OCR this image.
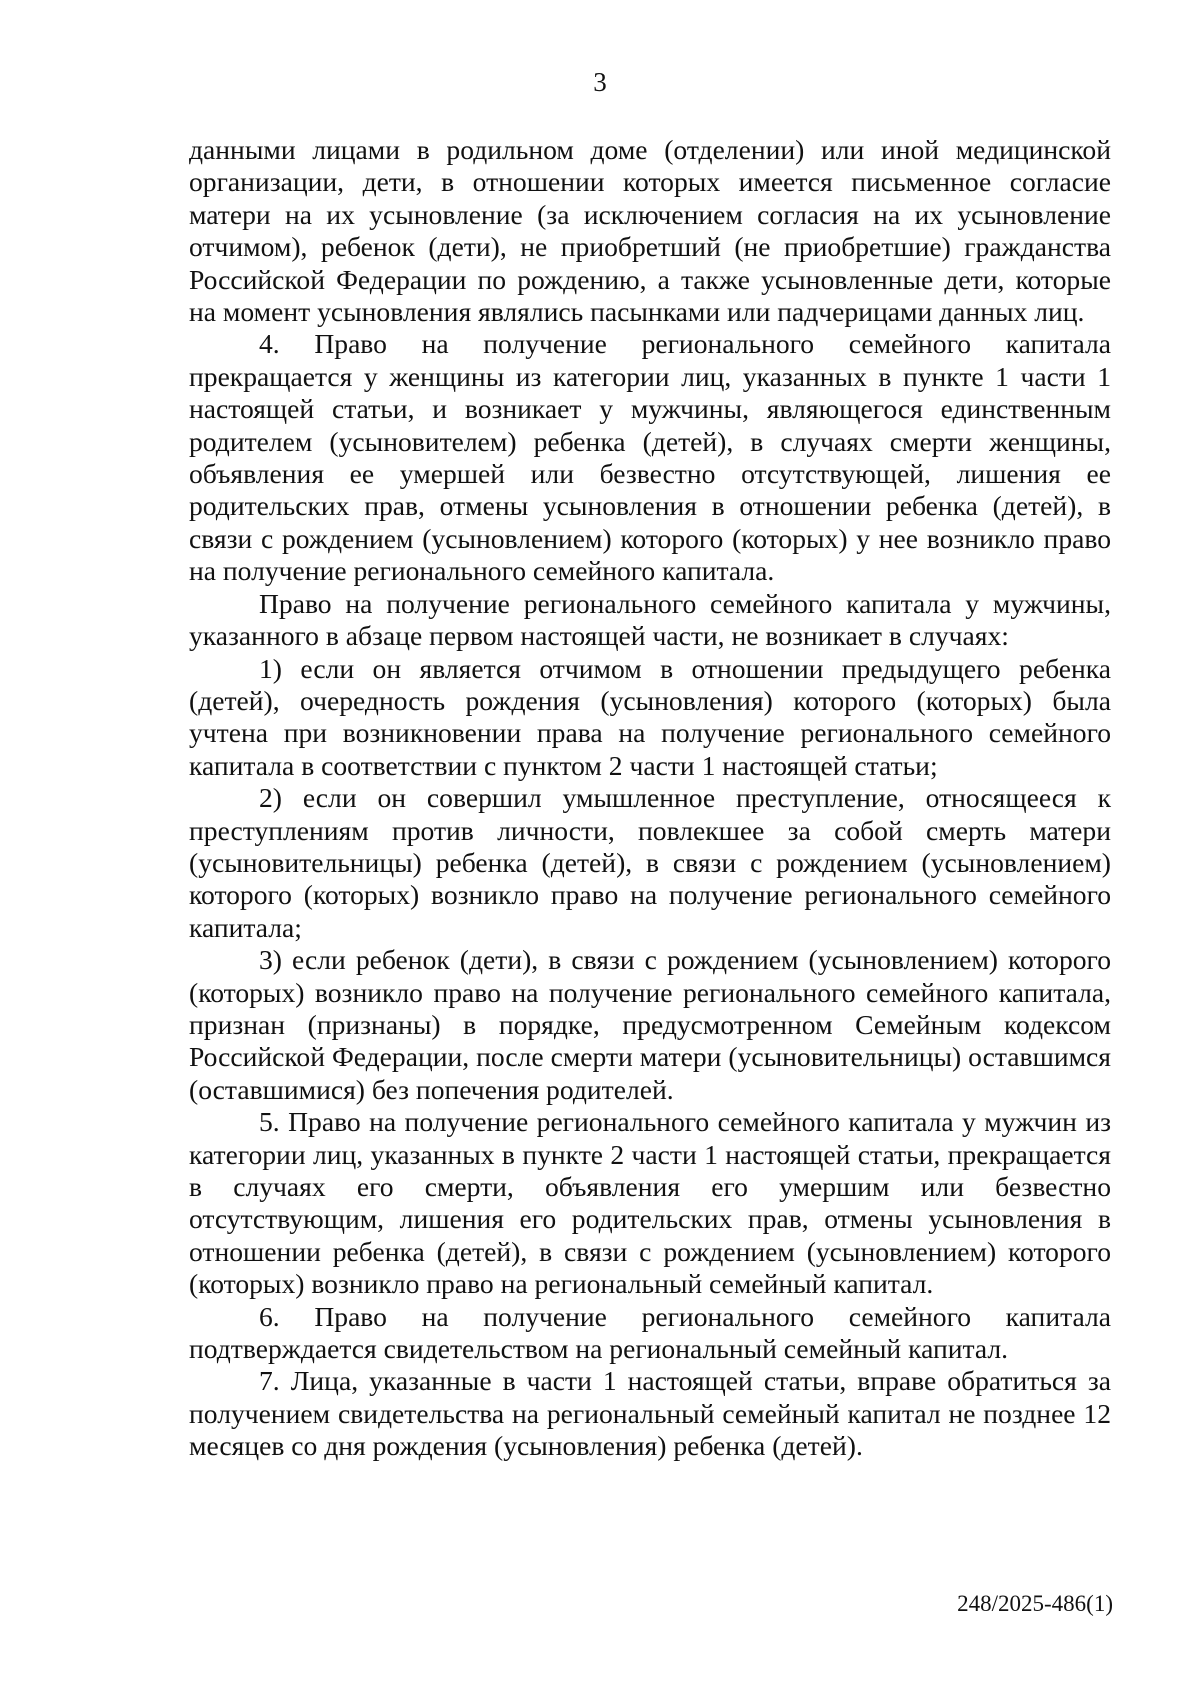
3

данными лицами в родильном доме (отделении) или иной медицинской организации, дети, в отношении которых имеется письменное согласие матери на их усыновление (за исключением согласия на их усыновление отчимом), ребенок (дети), не приобретший (не приобретшие) гражданства Российской Федерации по рождению, а также усыновленные дети, которые на момент усыновления являлись пасынками или падчерицами данных лиц.

4. Право на получение регионального семейного капитала прекращается у женщины из категории лиц, указанных в пункте 1 части 1 настоящей статьи, и возникает у мужчины, являющегося единственным родителем (усыновителем) ребенка (детей), в случаях смерти женщины, объявления ее умершей или безвестно отсутствующей, лишения ее родительских прав, отмены усыновления в отношении ребенка (детей), в связи с рождением (усыновлением) которого (которых) у нее возникло право на получение регионального семейного капитала.

Право на получение регионального семейного капитала у мужчины, указанного в абзаце первом настоящей части, не возникает в случаях:

1) если он является отчимом в отношении предыдущего ребенка (детей), очередность рождения (усыновления) которого (которых) была учтена при возникновении права на получение регионального семейного капитала в соответствии с пунктом 2 части 1 настоящей статьи;

2) если он совершил умышленное преступление, относящееся к преступлениям против личности, повлекшее за собой смерть матери (усыновительницы) ребенка (детей), в связи с рождением (усыновлением) которого (которых) возникло право на получение регионального семейного капитала;

3) если ребенок (дети), в связи с рождением (усыновлением) которого (которых) возникло право на получение регионального семейного капитала, признан (признаны) в порядке, предусмотренном Семейным кодексом Российской Федерации, после смерти матери (усыновительницы) оставшимся (оставшимися) без попечения родителей.

5. Право на получение регионального семейного капитала у мужчин из категории лиц, указанных в пункте 2 части 1 настоящей статьи, прекращается в случаях его смерти, объявления его умершим или безвестно отсутствующим, лишения его родительских прав, отмены усыновления в отношении ребенка (детей), в связи с рождением (усыновлением) которого (которых) возникло право на региональный семейный капитал.

6. Право на получение регионального семейного капитала подтверждается свидетельством на региональный семейный капитал.

7. Лица, указанные в части 1 настоящей статьи, вправе обратиться за получением свидетельства на региональный семейный капитал не позднее 12 месяцев со дня рождения (усыновления) ребенка (детей).

248/2025-486(1)
